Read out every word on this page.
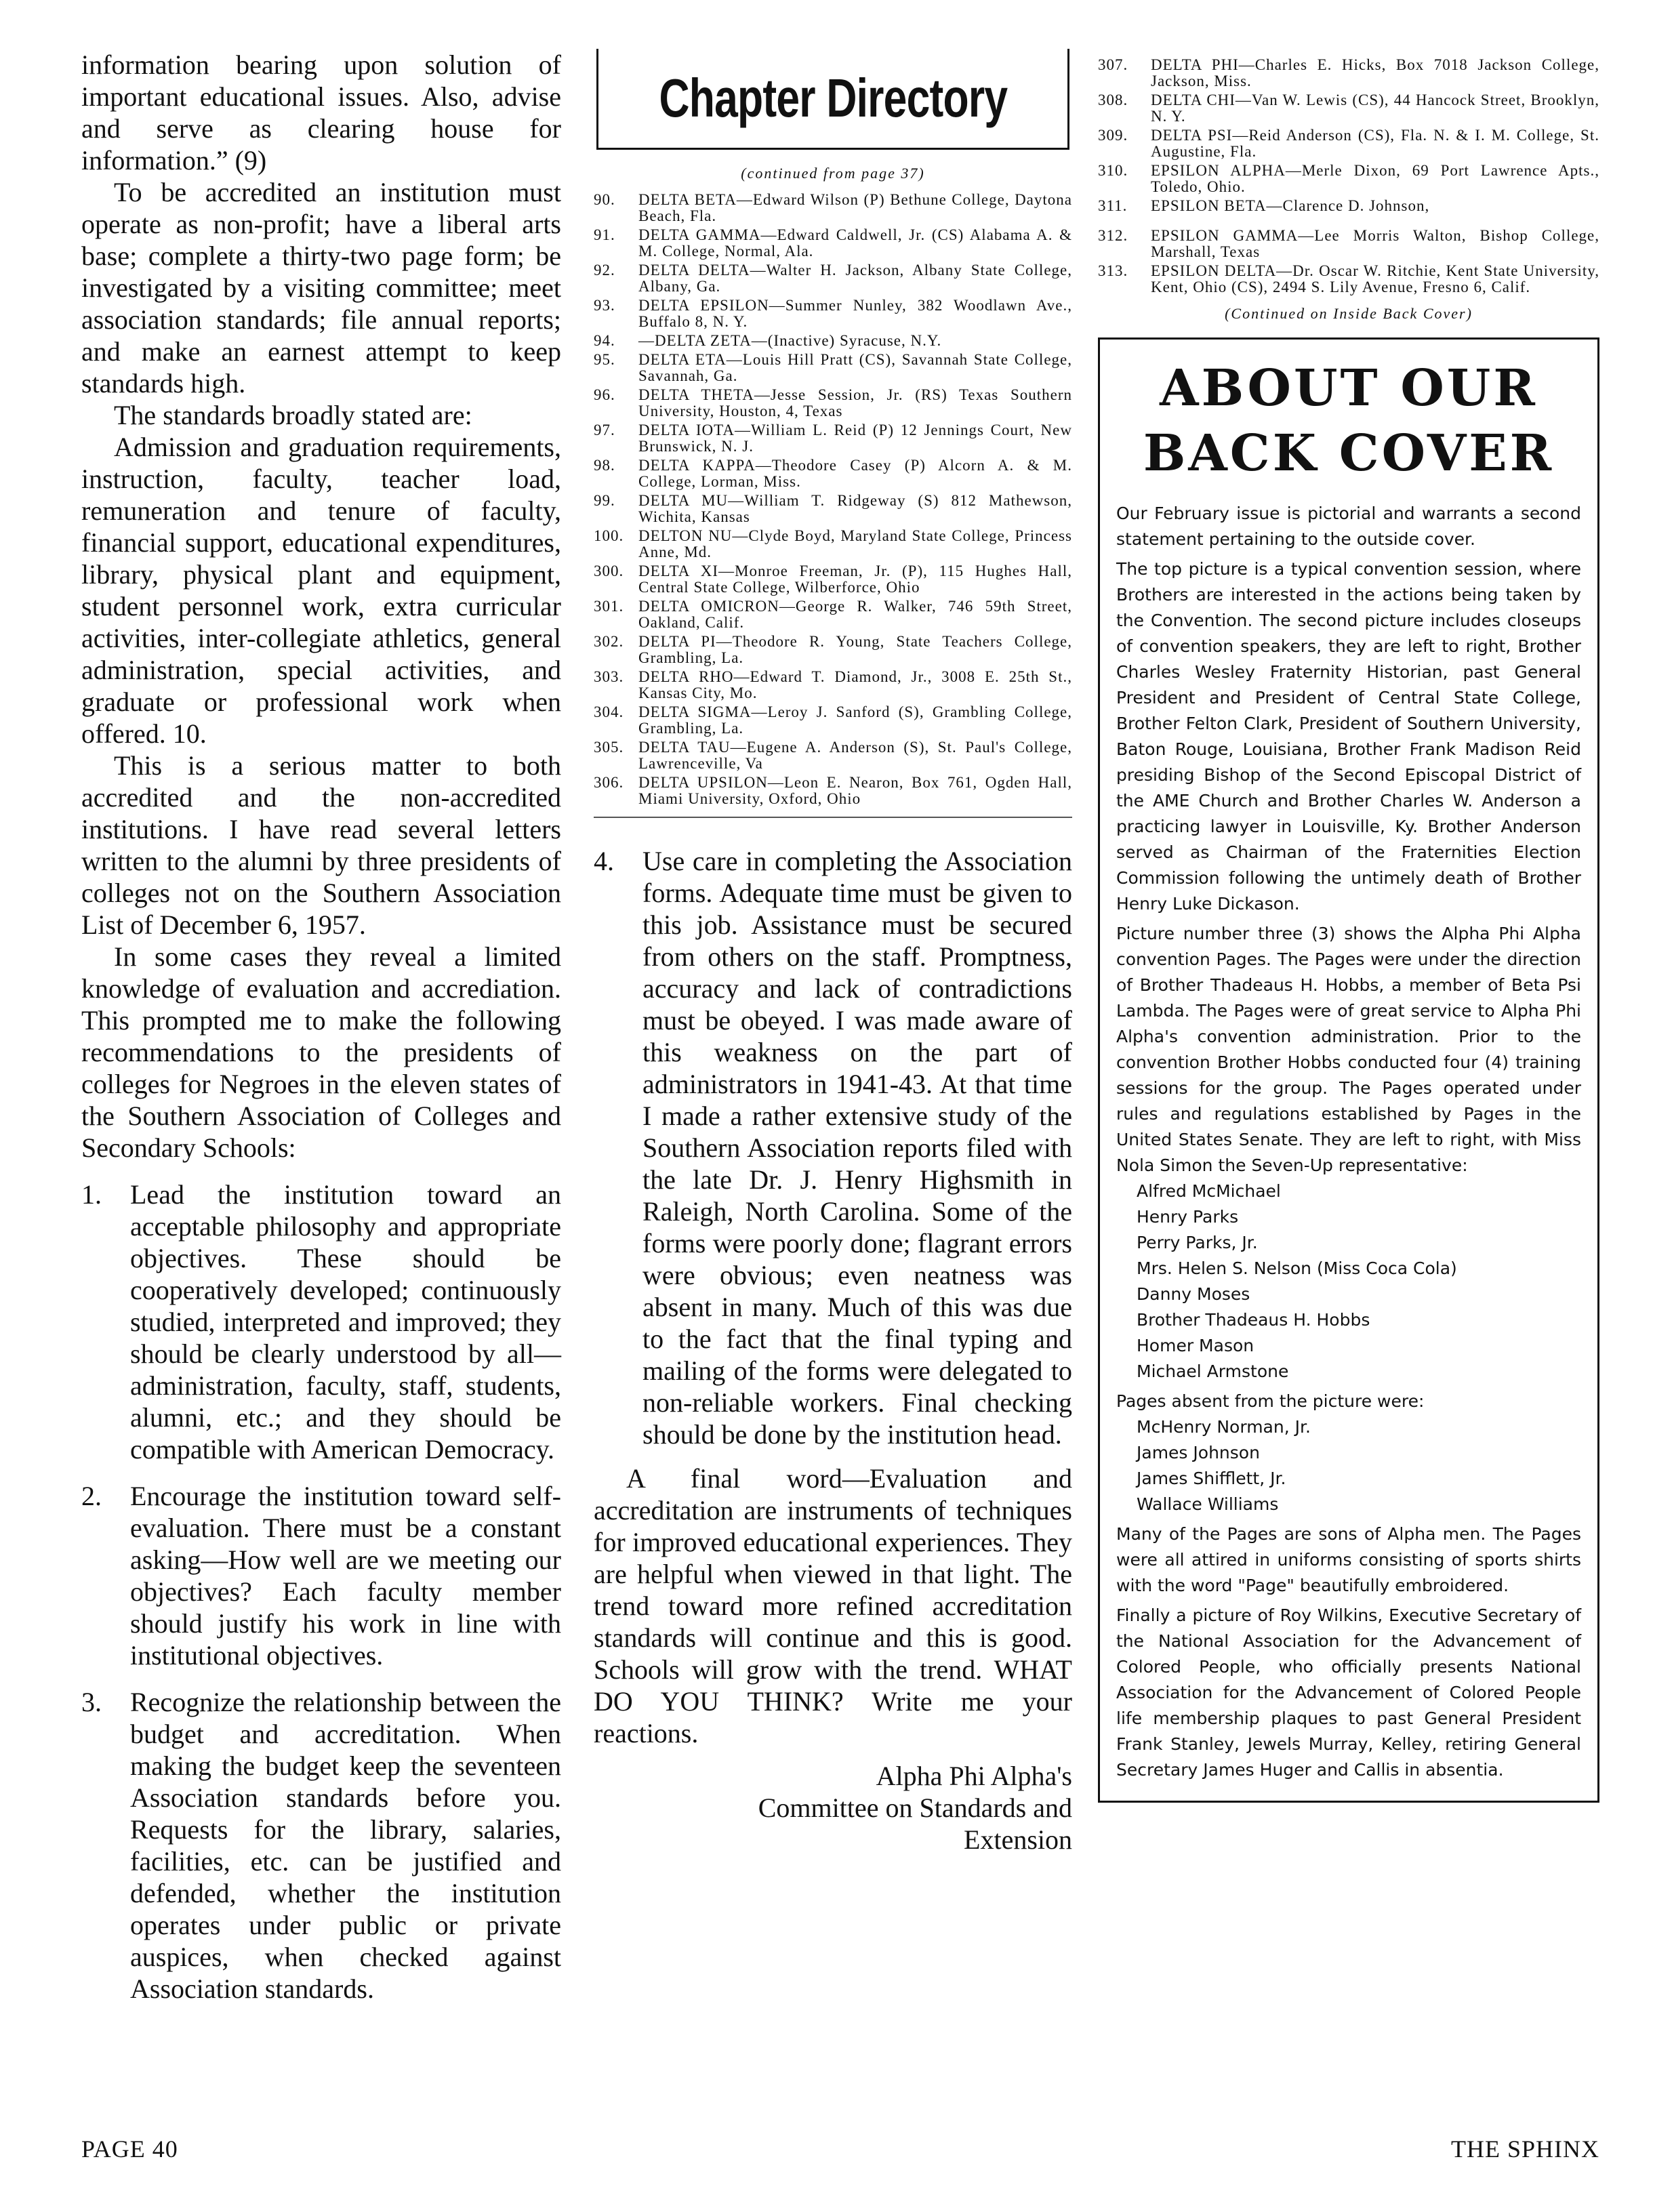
information bearing upon solution of important educational issues. Also, advise and serve as clearing house for information.” (9)

To be accredited an institution must operate as non-profit; have a liberal arts base; complete a thirty-two page form; be investigated by a visiting committee; meet association standards; file annual reports; and make an earnest attempt to keep standards high.

The standards broadly stated are:

Admission and graduation requirements, instruction, faculty, teacher load, remuneration and tenure of faculty, financial support, educational expenditures, library, physical plant and equipment, student personnel work, extra curricular activities, inter-collegiate athletics, general administration, special activities, and graduate or professional work when offered. 10.

This is a serious matter to both accredited and the non-accredited institutions. I have read several letters written to the alumni by three presidents of colleges not on the Southern Association List of December 6, 1957.

In some cases they reveal a limited knowledge of evaluation and accrediation. This prompted me to make the following recommendations to the presidents of colleges for Negroes in the eleven states of the Southern Association of Colleges and Secondary Schools:

1. Lead the institution toward an acceptable philosophy and appropriate objectives. These should be cooperatively developed; continuously studied, interpreted and improved; they should be clearly understood by all—administration, faculty, staff, students, alumni, etc.; and they should be compatible with American Democracy.

2. Encourage the institution toward self-evaluation. There must be a constant asking—How well are we meeting our objectives? Each faculty member should justify his work in line with institutional objectives.

3. Recognize the relationship between the budget and accreditation. When making the budget keep the seventeen Association standards before you. Requests for the library, salaries, facilities, etc. can be justified and defended, whether the institution operates under public or private auspices, when checked against Association standards.

Chapter Directory
(continued from page 37)
90. DELTA BETA—Edward Wilson (P) Bethune College, Daytona Beach, Fla.
91. DELTA GAMMA—Edward Caldwell, Jr. (CS) Alabama A. & M. College, Normal, Ala.
92. DELTA DELTA—Walter H. Jackson, Albany State College, Albany, Ga.
93. DELTA EPSILON—Summer Nunley, 382 Woodlawn Ave., Buffalo 8, N. Y.
94. —DELTA ZETA—(Inactive) Syracuse, N.Y.
95. DELTA ETA—Louis Hill Pratt (CS), Savannah State College, Savannah, Ga.
96. DELTA THETA—Jesse Session, Jr. (RS) Texas Southern University, Houston, 4, Texas
97. DELTA IOTA—William L. Reid (P) 12 Jennings Court, New Brunswick, N. J.
98. DELTA KAPPA—Theodore Casey (P) Alcorn A. & M. College, Lorman, Miss.
99. DELTA MU—William T. Ridgeway (S) 812 Mathewson, Wichita, Kansas
100. DELTON NU—Clyde Boyd, Maryland State College, Princess Anne, Md.
300. DELTA XI—Monroe Freeman, Jr. (P), 115 Hughes Hall, Central State College, Wilberforce, Ohio
301. DELTA OMICRON—George R. Walker, 746 59th Street, Oakland, Calif.
302. DELTA PI—Theodore R. Young, State Teachers College, Grambling, La.
303. DELTA RHO—Edward T. Diamond, Jr., 3008 E. 25th St., Kansas City, Mo.
304. DELTA SIGMA—Leroy J. Sanford (S), Grambling College, Grambling, La.
305. DELTA TAU—Eugene A. Anderson (S), St. Paul's College, Lawrenceville, Va
306. DELTA UPSILON—Leon E. Nearon, Box 761, Ogden Hall, Miami University, Oxford, Ohio

4. Use care in completing the Association forms. Adequate time must be given to this job. Assistance must be secured from others on the staff. Promptness, accuracy and lack of contradictions must be obeyed. I was made aware of this weakness on the part of administrators in 1941-43. At that time I made a rather extensive study of the Southern Association reports filed with the late Dr. J. Henry Highsmith in Raleigh, North Carolina. Some of the forms were poorly done; flagrant errors were obvious; even neatness was absent in many. Much of this was due to the fact that the final typing and mailing of the forms were delegated to non-reliable workers. Final checking should be done by the institution head.

A final word—Evaluation and accreditation are instruments of techniques for improved educational experiences. They are helpful when viewed in that light. The trend toward more refined accreditation standards will continue and this is good. Schools will grow with the trend. WHAT DO YOU THINK? Write me your reactions.

Alpha Phi Alpha's
Committee on Standards and
Extension
307. DELTA PHI—Charles E. Hicks, Box 7018 Jackson College, Jackson, Miss.
308. DELTA CHI—Van W. Lewis (CS), 44 Hancock Street, Brooklyn, N. Y.
309. DELTA PSI—Reid Anderson (CS), Fla. N. & I. M. College, St. Augustine, Fla.
310. EPSILON ALPHA—Merle Dixon, 69 Port Lawrence Apts., Toledo, Ohio.
311. EPSILON BETA—Clarence D. Johnson,
312. EPSILON GAMMA—Lee Morris Walton, Bishop College, Marshall, Texas
313. EPSILON DELTA—Dr. Oscar W. Ritchie, Kent State University, Kent, Ohio (CS), 2494 S. Lily Avenue, Fresno 6, Calif.
(Continued on Inside Back Cover)
ABOUT OUR
BACK COVER

Our February issue is pictorial and warrants a second statement pertaining to the outside cover.

The top picture is a typical convention session, where Brothers are interested in the actions being taken by the Convention. The second picture includes closeups of convention speakers, they are left to right, Brother Charles Wesley Fraternity Historian, past General President and President of Central State College, Brother Felton Clark, President of Southern University, Baton Rouge, Louisiana, Brother Frank Madison Reid presiding Bishop of the Second Episcopal District of the AME Church and Brother Charles W. Anderson a practicing lawyer in Louisville, Ky. Brother Anderson served as Chairman of the Fraternities Election Commission following the untimely death of Brother Henry Luke Dickason.

Picture number three (3) shows the Alpha Phi Alpha convention Pages. The Pages were under the direction of Brother Thadeaus H. Hobbs, a member of Beta Psi Lambda. The Pages were of great service to Alpha Phi Alpha's convention administration. Prior to the convention Brother Hobbs conducted four (4) training sessions for the group. The Pages operated under rules and regulations established by Pages in the United States Senate. They are left to right, with Miss Nola Simon the Seven-Up representative:

Alfred McMichael
Henry Parks
Perry Parks, Jr.
Mrs. Helen S. Nelson (Miss Coca Cola)
Danny Moses
Brother Thadeaus H. Hobbs
Homer Mason
Michael Armstone

Pages absent from the picture were:

McHenry Norman, Jr.
James Johnson
James Shifflett, Jr.
Wallace Williams

Many of the Pages are sons of Alpha men. The Pages were all attired in uniforms consisting of sports shirts with the word "Page" beautifully embroidered.

Finally a picture of Roy Wilkins, Executive Secretary of the National Association for the Advancement of Colored People, who officially presents National Association for the Advancement of Colored People life membership plaques to past General President Frank Stanley, Jewels Murray, Kelley, retiring General Secretary James Huger and Callis in absentia.

PAGE 40	THE SPHINX
